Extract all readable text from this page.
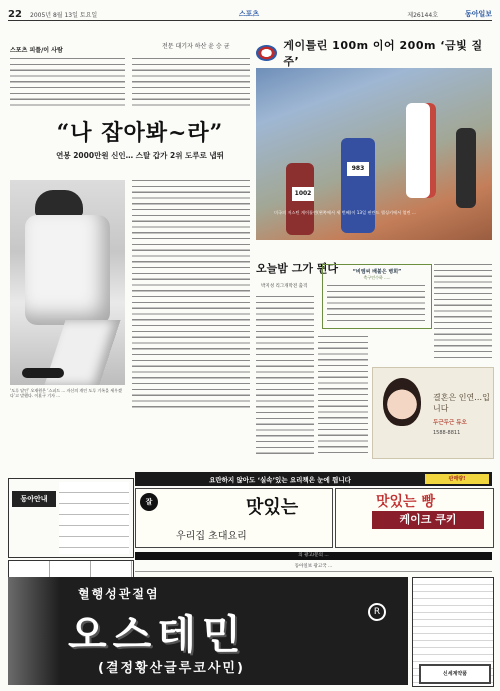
22	2005년 8월 13일 토요일	스포츠	제26144호	동아일보
스포츠 피플/이 사람
전문 대기자 하산 윤 승 균
“나 잡아봐~라”
연봉 2000만원 신인… 스탈 갑가 2위 도루로 냅뛰
‘도루 달인’ 오재원은 ‘스피드 ... 자신의 개인 도루 기록을 세우겠다’고 말했다. 이훈구 기자 ...
게이틀린 100m 이어 200m ‘금빛 질주’
983
1002
미국의 저스틴 게이틀린(왼쪽에서 세 번째)이 13일 핀란드 헬싱키에서 열린 ...
오늘밤 그가 뛴다
박지성 리그개막전 출격
“비엠씨 배불은 병희”
축구인수하 .....
결혼은 인연…입니다
두근두근 듀오
1588-8811
요란하지 않아도 ‘실속’있는 요리책은 눈에 띕니다	판매량!
동아안내	잘	맛있는
우리집 초대요리
맛있는 빵
케이크 쿠키
의 광고/문의 ...
동아일보 광고국 ...
혈행성관절염
오스테민	R
(결정황산글루코사민)	신세계약품
